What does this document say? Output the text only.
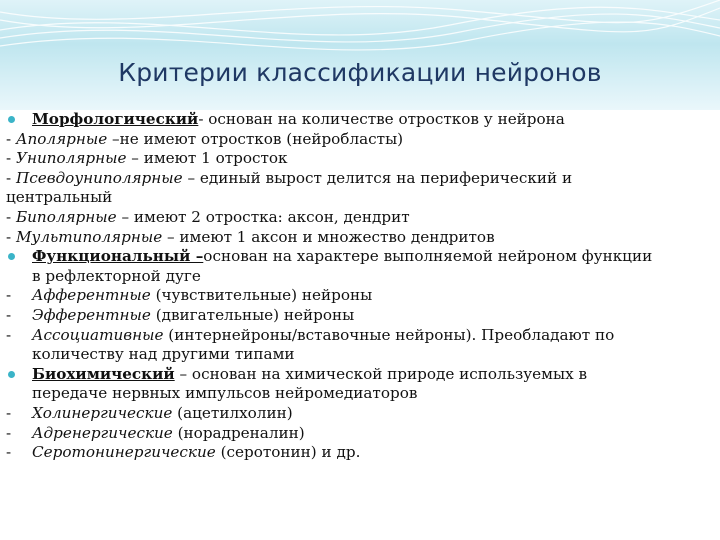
Критерии классификации нейронов
Морфологический- основан на количестве отростков у нейрона
- Аполярные –не имеют отростков (нейробласты)
- Униполярные – имеют 1 отросток
- Псевдоуниполярные – единый вырост делится на периферический и
центральный
- Биполярные – имеют 2 отростка: аксон, дендрит
- Мультиполярные – имеют 1 аксон и множество дендритов
Функциональный –основан на характере выполняемой нейроном функции
в рефлекторной дуге
- Афферентные (чувствительные) нейроны
- Эфферентные (двигательные) нейроны
- Ассоциативные (интернейроны/вставочные нейроны). Преобладают по
количеству над другими типами
Биохимический – основан на химической природе используемых в
передаче нервных импульсов нейромедиаторов
- Холинергические (ацетилхолин)
- Адренергические (норадреналин)
- Серотонинергические (серотонин) и др.
